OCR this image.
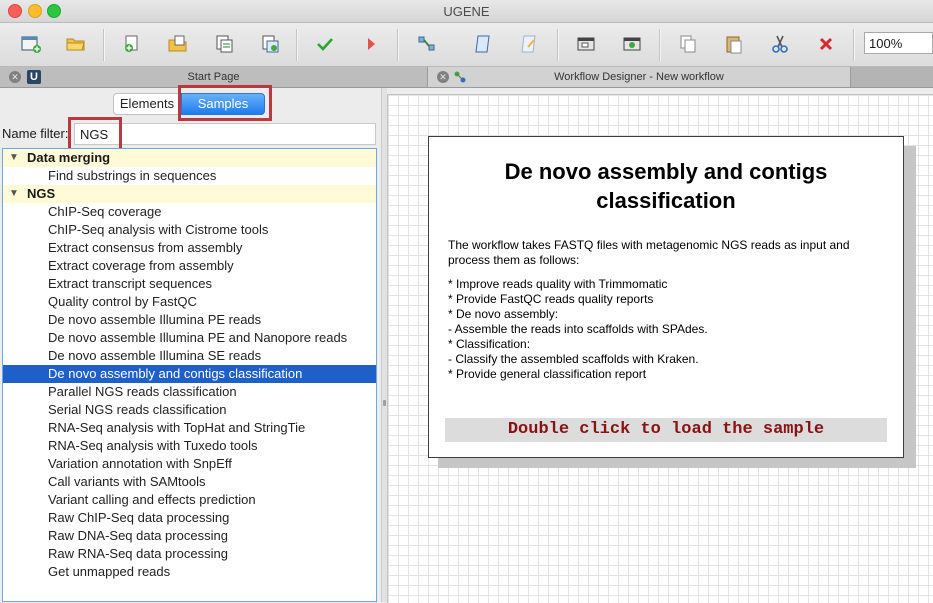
UGENE
100%
✕ U	Start Page	✕	Workflow Designer - New workflow
Elements	Samples
Name filter: NGS
▼ Data merging
Find substrings in sequences
▼ NGS
ChIP-Seq coverage
ChIP-Seq analysis with Cistrome tools
Extract consensus from assembly
Extract coverage from assembly
Extract transcript sequences
Quality control by FastQC
De novo assemble Illumina PE reads
De novo assemble Illumina PE and Nanopore reads
De novo assemble Illumina SE reads
De novo assembly and contigs classification
Parallel NGS reads classification
Serial NGS reads classification
RNA-Seq analysis with TopHat and StringTie
RNA-Seq analysis with Tuxedo tools
Variation annotation with SnpEff
Call variants with SAMtools
Variant calling and effects prediction
Raw ChIP-Seq data processing
Raw DNA-Seq data processing
Raw RNA-Seq data processing
Get unmapped reads
De novo assembly and contigs
classification
The workflow takes FASTQ files with metagenomic NGS reads as input and
process them as follows:
* Improve reads quality with Trimmomatic
* Provide FastQC reads quality reports
* De novo assembly:
- Assemble the reads into scaffolds with SPAdes.
* Classification:
- Classify the assembled scaffolds with Kraken.
* Provide general classification report
Double click to load the sample
